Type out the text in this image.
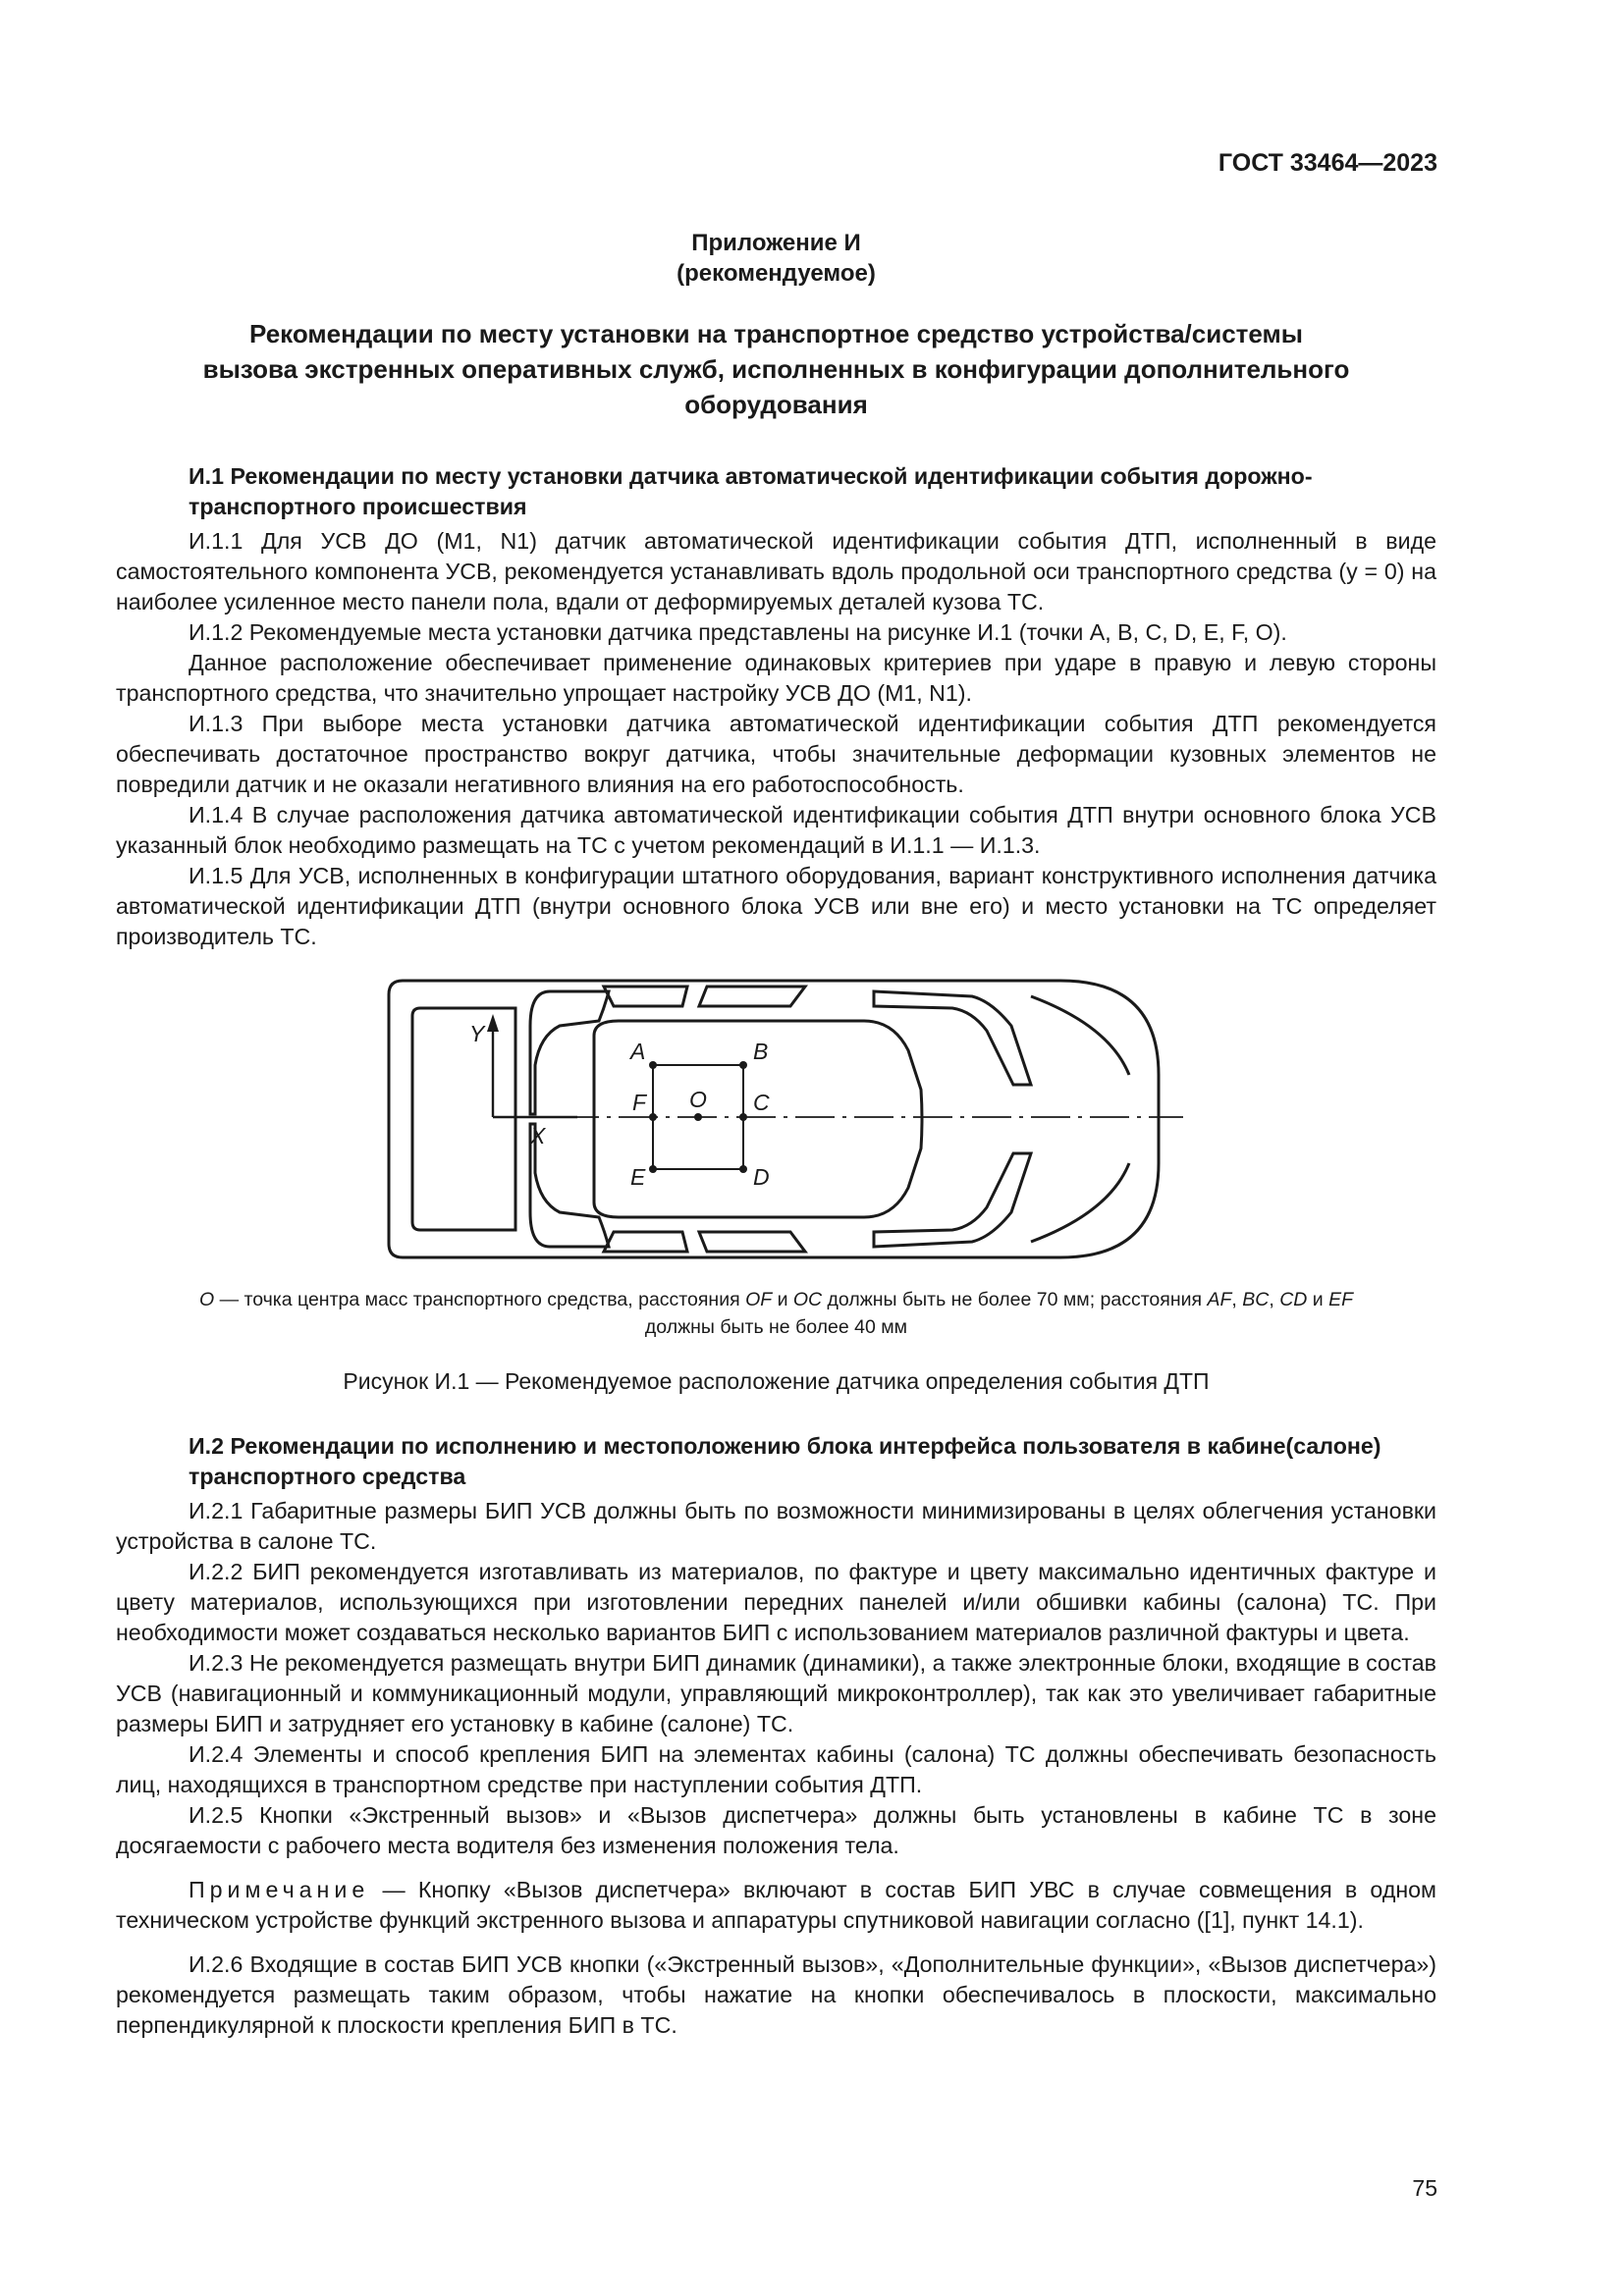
ГОСТ 33464—2023
Приложение И
(рекомендуемое)
Рекомендации по месту установки на транспортное средство устройства/системы
вызова экстренных оперативных служб, исполненных в конфигурации дополнительного
оборудования

И.1 Рекомендации по месту установки датчика автоматической идентификации события дорожно-транспортного происшествия

И.1.1 Для УСВ ДО (М1, N1) датчик автоматической идентификации события ДТП, исполненный в виде самостоятельного компонента УСВ, рекомендуется устанавливать вдоль продольной оси транспортного средства (у = 0) на наиболее усиленное место панели пола, вдали от деформируемых деталей кузова ТС.

И.1.2 Рекомендуемые места установки датчика представлены на рисунке И.1 (точки A, B, C, D, E, F, O).

Данное расположение обеспечивает применение одинаковых критериев при ударе в правую и левую стороны транспортного средства, что значительно упрощает настройку УСВ ДО (М1, N1).

И.1.3 При выборе места установки датчика автоматической идентификации события ДТП рекомендуется обеспечивать достаточное пространство вокруг датчика, чтобы значительные деформации кузовных элементов не повредили датчик и не оказали негативного влияния на его работоспособность.

И.1.4 В случае расположения датчика автоматической идентификации события ДТП внутри основного блока УСВ указанный блок необходимо размещать на ТС с учетом рекомендаций в И.1.1 — И.1.3.

И.1.5 Для УСВ, исполненных в конфигурации штатного оборудования, вариант конструктивного исполнения датчика автоматической идентификации ДТП (внутри основного блока УСВ или вне его) и место установки на ТС определяет производитель ТС.

Y
X
A	B
F O C
E	D
O — точка центра масс транспортного средства, расстояния OF и OC должны быть не более 70 мм; расстояния AF, BC, CD и EF
должны быть не более 40 мм
Рисунок И.1 — Рекомендуемое расположение датчика определения события ДТП

И.2 Рекомендации по исполнению и местоположению блока интерфейса пользователя в кабине(салоне) транспортного средства

И.2.1 Габаритные размеры БИП УСВ должны быть по возможности минимизированы в целях облегчения установки устройства в салоне ТС.

И.2.2 БИП рекомендуется изготавливать из материалов, по фактуре и цвету максимально идентичных фактуре и цвету материалов, использующихся при изготовлении передних панелей и/или обшивки кабины (салона) ТС. При необходимости может создаваться несколько вариантов БИП с использованием материалов различной фактуры и цвета.

И.2.3 Не рекомендуется размещать внутри БИП динамик (динамики), а также электронные блоки, входящие в состав УСВ (навигационный и коммуникационный модули, управляющий микроконтроллер), так как это увеличивает габаритные размеры БИП и затрудняет его установку в кабине (салоне) ТС.

И.2.4 Элементы и способ крепления БИП на элементах кабины (салона) ТС должны обеспечивать безопасность лиц, находящихся в транспортном средстве при наступлении события ДТП.

И.2.5 Кнопки «Экстренный вызов» и «Вызов диспетчера» должны быть установлены в кабине ТС в зоне досягаемости с рабочего места водителя без изменения положения тела.

Примечание — Кнопку «Вызов диспетчера» включают в состав БИП УВС в случае совмещения в одном техническом устройстве функций экстренного вызова и аппаратуры спутниковой навигации согласно ([1], пункт 14.1).

И.2.6 Входящие в состав БИП УСВ кнопки («Экстренный вызов», «Дополнительные функции», «Вызов диспетчера») рекомендуется размещать таким образом, чтобы нажатие на кнопки обеспечивалось в плоскости, максимально перпендикулярной к плоскости крепления БИП в ТС.

75
